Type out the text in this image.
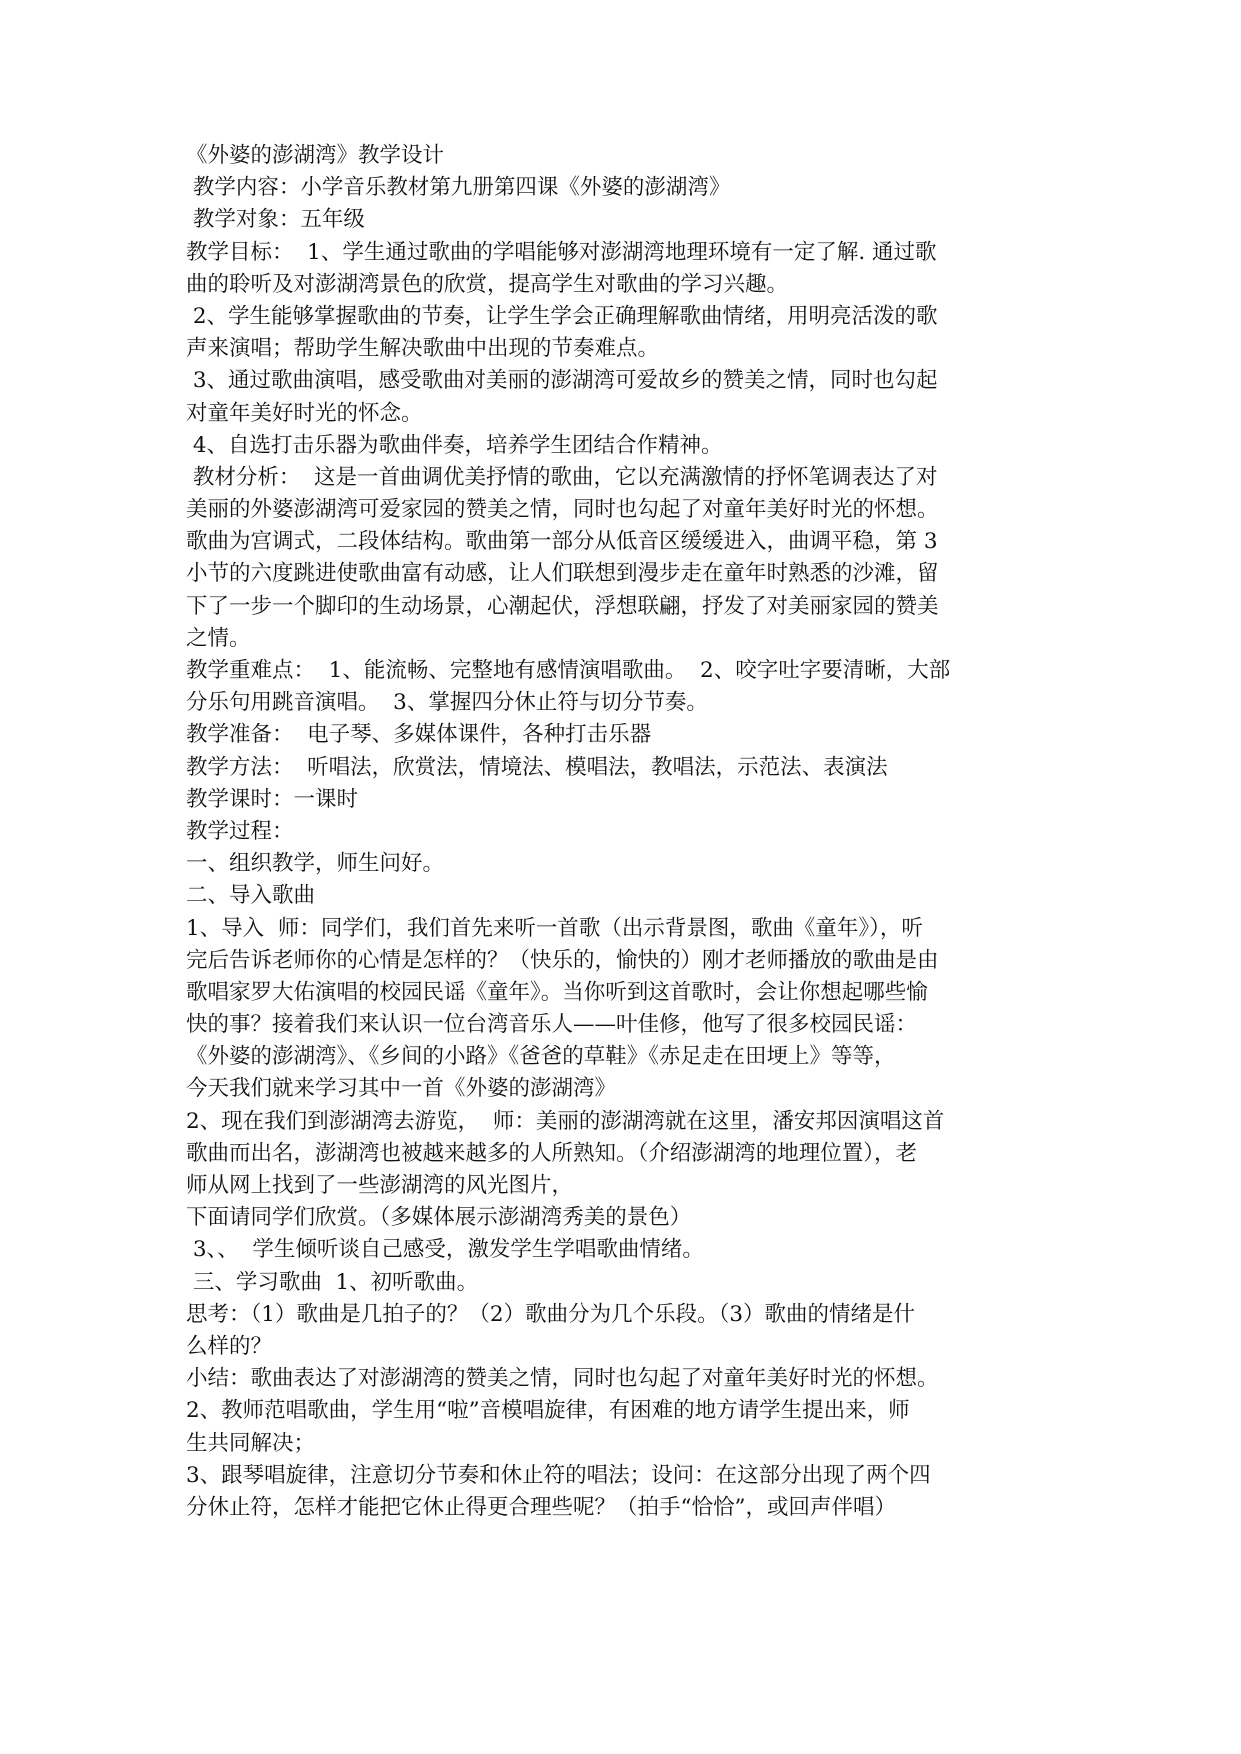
《外婆的澎湖湾》教学设计
教学内容：小学音乐教材第九册第四课《外婆的澎湖湾》
教学对象：五年级
教学目标：  1、学生通过歌曲的学唱能够对澎湖湾地理环境有一定了解. 通过歌
曲的聆听及对澎湖湾景色的欣赏，提高学生对歌曲的学习兴趣。
2、学生能够掌握歌曲的节奏，让学生学会正确理解歌曲情绪，用明亮活泼的歌
声来演唱；帮助学生解决歌曲中出现的节奏难点。
3、通过歌曲演唱，感受歌曲对美丽的澎湖湾可爱故乡的赞美之情，同时也勾起
对童年美好时光的怀念。
4、自选打击乐器为歌曲伴奏，培养学生团结合作精神。
教材分析：  这是一首曲调优美抒情的歌曲，它以充满激情的抒怀笔调表达了对
美丽的外婆澎湖湾可爱家园的赞美之情，同时也勾起了对童年美好时光的怀想。
歌曲为宫调式，二段体结构。歌曲第一部分从低音区缓缓进入，曲调平稳，第 3
小节的六度跳进使歌曲富有动感，让人们联想到漫步走在童年时熟悉的沙滩，留
下了一步一个脚印的生动场景，心潮起伏，浮想联翩，抒发了对美丽家园的赞美
之情。
教学重难点：  1、能流畅、完整地有感情演唱歌曲。  2、咬字吐字要清晰，大部
分乐句用跳音演唱。  3、掌握四分休止符与切分节奏。
教学准备：  电子琴、多媒体课件，各种打击乐器
教学方法：  听唱法，欣赏法，情境法、模唱法，教唱法，示范法、表演法
教学课时：一课时
教学过程：
一、组织教学，师生问好。
二、导入歌曲
1、导入  师：同学们，我们首先来听一首歌（出示背景图，歌曲《童年》），听
完后告诉老师你的心情是怎样的？（快乐的，愉快的）刚才老师播放的歌曲是由
歌唱家罗大佑演唱的校园民谣《童年》。当你听到这首歌时，会让你想起哪些愉
快的事？接着我们来认识一位台湾音乐人——叶佳修，他写了很多校园民谣：
《外婆的澎湖湾》、《乡间的小路》《爸爸的草鞋》《赤足走在田埂上》等等，
今天我们就来学习其中一首《外婆的澎湖湾》
2、现在我们到澎湖湾去游览，  师：美丽的澎湖湾就在这里，潘安邦因演唱这首
歌曲而出名，澎湖湾也被越来越多的人所熟知。（介绍澎湖湾的地理位置），老
师从网上找到了一些澎湖湾的风光图片，
下面请同学们欣赏。（多媒体展示澎湖湾秀美的景色）
3、、  学生倾听谈自己感受，激发学生学唱歌曲情绪。
三、学习歌曲  1、初听歌曲。
思考：（1）歌曲是几拍子的？（2）歌曲分为几个乐段。（3）歌曲的情绪是什
么样的？
小结：歌曲表达了对澎湖湾的赞美之情，同时也勾起了对童年美好时光的怀想。
2、教师范唱歌曲，学生用“啦”音模唱旋律，有困难的地方请学生提出来，师
生共同解决；
3、跟琴唱旋律，注意切分节奏和休止符的唱法；设问：在这部分出现了两个四
分休止符，怎样才能把它休止得更合理些呢？（拍手“恰恰”，或回声伴唱）
